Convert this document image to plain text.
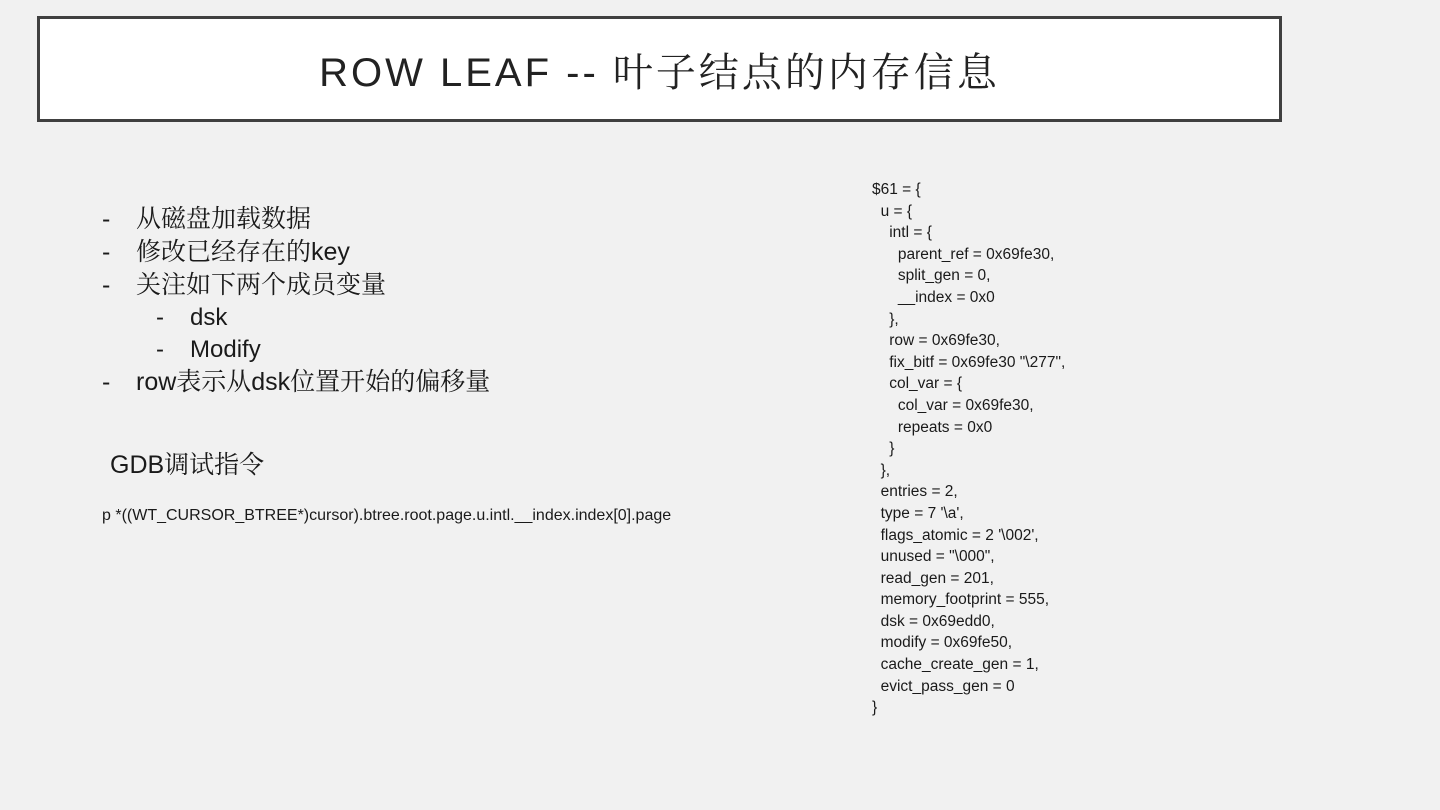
ROW LEAF -- 叶子结点的内存信息
-	从磁盘加载数据
-	修改已经存在的key
-	关注如下两个成员变量
-	dsk
-	Modify
-	row表示从dsk位置开始的偏移量
GDB调试指令
p *((WT_CURSOR_BTREE*)cursor).btree.root.page.u.intl.__index.index[0].page
$61 = {
u = {
intl = {
parent_ref = 0x69fe30,
split_gen = 0,
__index = 0x0
},
row = 0x69fe30,
fix_bitf = 0x69fe30 "\277",
col_var = {
col_var = 0x69fe30,
repeats = 0x0
}
},
entries = 2,
type = 7 '\a',
flags_atomic = 2 '\002',
unused = "\000",
read_gen = 201,
memory_footprint = 555,
dsk = 0x69edd0,
modify = 0x69fe50,
cache_create_gen = 1,
evict_pass_gen = 0
}
